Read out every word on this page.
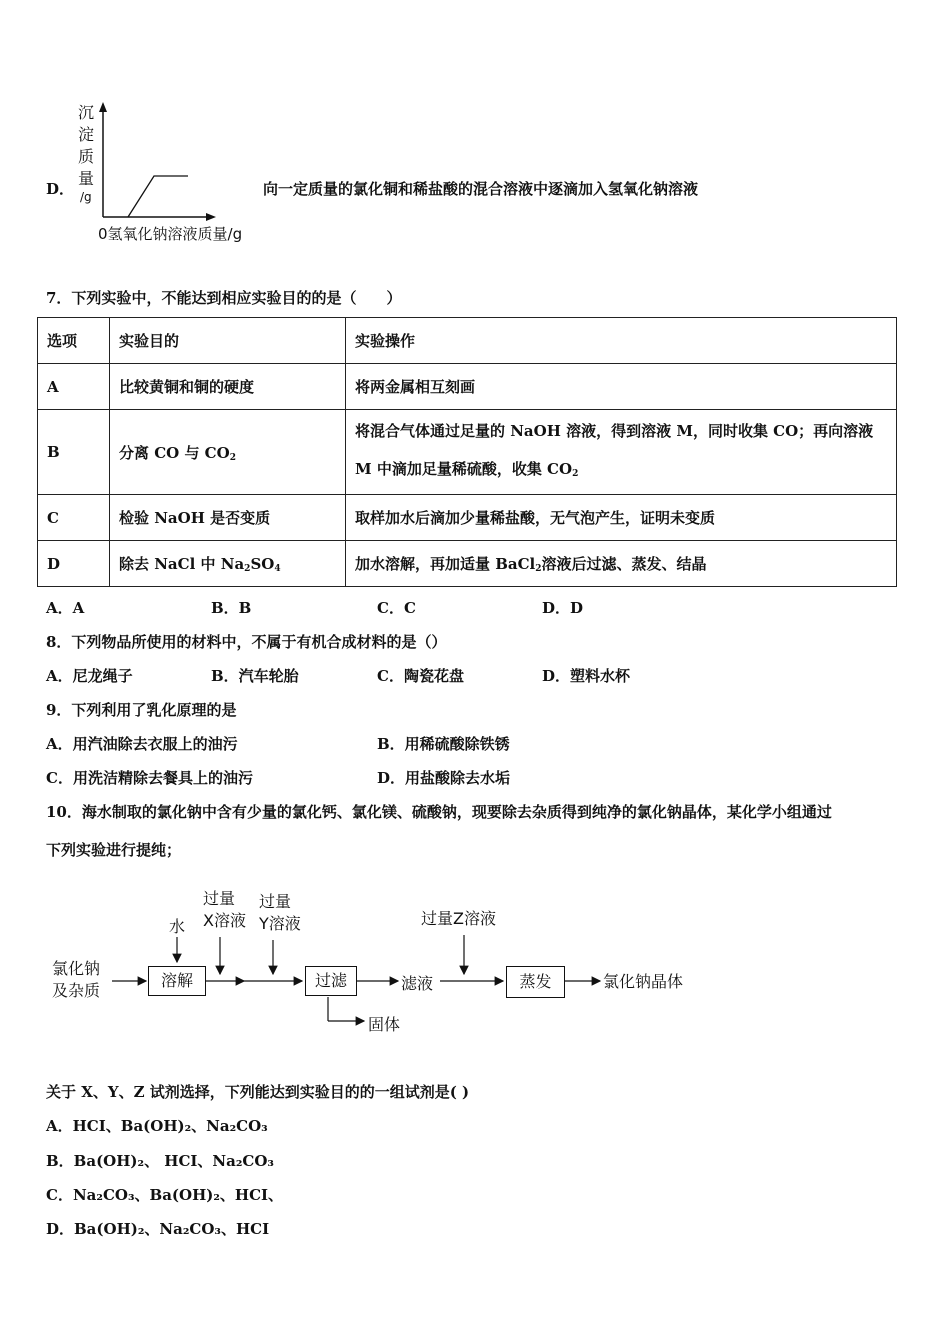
D．
沉
淀
质
量
/g
0氢氧化钠溶液质量/g
向一定质量的氯化铜和稀盐酸的混合溶液中逐滴加入氢氧化钠溶液
7．下列实验中，不能达到相应实验目的的是（　　）
选项	实验目的	实验操作
A	比较黄铜和铜的硬度	将两金属相互刻画
B	分离 CO 与 $CO_2$	将混合气体通过足量的 NaOH 溶液，得到溶液 M，同时收集 CO；再向溶液 M 中滴加足量稀硫酸，收集 $CO_2$
C	检验 NaOH 是否变质	取样加水后滴加少量稀盐酸，无气泡产生，证明未变质
D	除去 NaCl 中 $Na_2SO_4$	加水溶解，再加适量 BaCl$_2$溶液后过滤、蒸发、结晶
A．A	B．B	C．C	D．D
8．下列物品所使用的材料中，不属于有机合成材料的是（）
A．尼龙绳子	B．汽车轮胎	C．陶瓷花盘	D．塑料水杯
9．下列利用了乳化原理的是
A．用汽油除去衣服上的油污	B．用稀硫酸除铁锈
C．用洗洁精除去餐具上的油污	D．用盐酸除去水垢
10．海水制取的氯化钠中含有少量的氯化钙、氯化镁、硫酸钠，现要除去杂质得到纯净的氯化钠晶体，某化学小组通过
下列实验进行提纯；
氯化钠
及杂质
水
溶解
过量
X溶液
过量
Y溶液
过滤	滤液
固体
过量Z溶液
蒸发	氯化钠晶体
关于 X、Y、Z 试剂选择，下列能达到实验目的的一组试剂是( )
A．HCI、Ba(OH)₂、Na₂CO₃
B．Ba(OH)₂、 HCI、Na₂CO₃
C．Na₂CO₃、Ba(OH)₂、HCI、
D．Ba(OH)₂、Na₂CO₃、HCI
